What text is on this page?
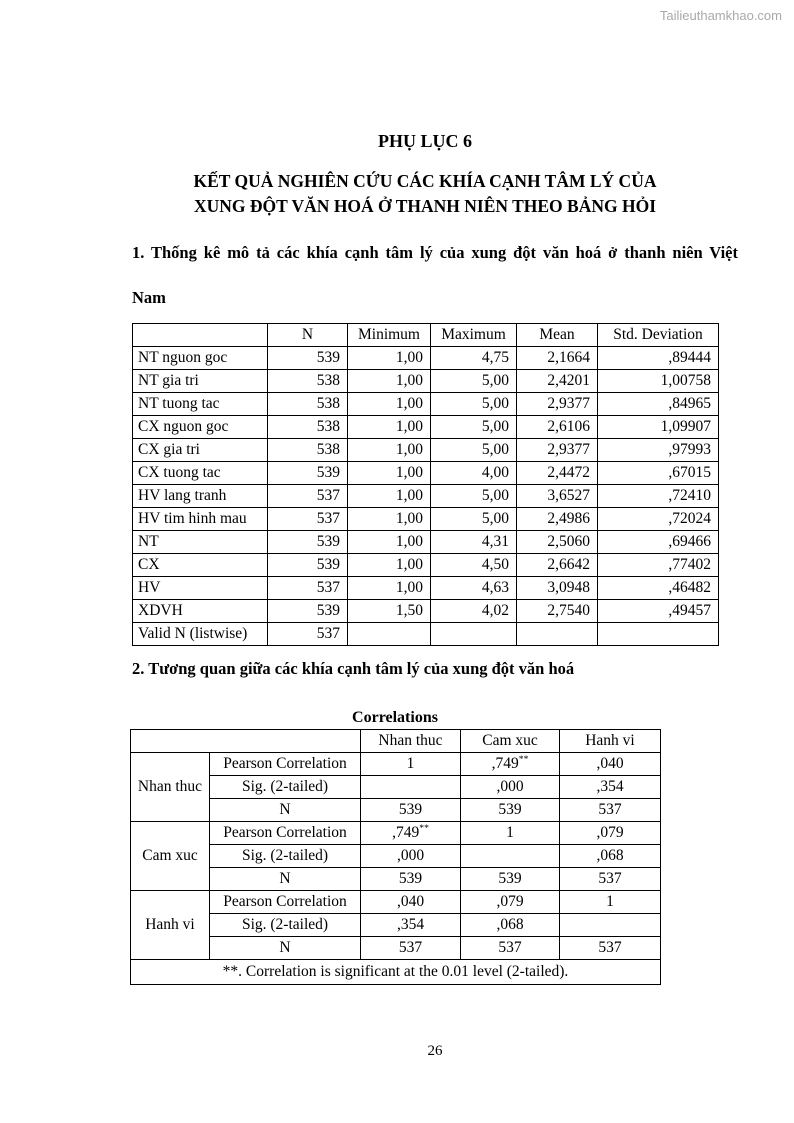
Tailieuthamkhao.com
PHỤ LỤC 6
KẾT QUẢ NGHIÊN CỨU CÁC KHÍA CẠNH TÂM LÝ CỦA
XUNG ĐỘT VĂN HOÁ Ở THANH NIÊN THEO BẢNG HỎI
1. Thống kê mô tả các khía cạnh tâm lý của xung đột văn hoá ở thanh niên Việt
Nam
	N	Minimum	Maximum	Mean	Std. Deviation
NT nguon goc	539	1,00	4,75	2,1664	,89444
NT gia tri	538	1,00	5,00	2,4201	1,00758
NT tuong tac	538	1,00	5,00	2,9377	,84965
CX nguon goc	538	1,00	5,00	2,6106	1,09907
CX gia tri	538	1,00	5,00	2,9377	,97993
CX tuong tac	539	1,00	4,00	2,4472	,67015
HV lang tranh	537	1,00	5,00	3,6527	,72410
HV tim hinh mau	537	1,00	5,00	2,4986	,72024
NT	539	1,00	4,31	2,5060	,69466
CX	539	1,00	4,50	2,6642	,77402
HV	537	1,00	4,63	3,0948	,46482
XDVH	539	1,50	4,02	2,7540	,49457
Valid N (listwise)	537				
2. Tương quan giữa các khía cạnh tâm lý của xung đột văn hoá
Correlations
		Nhan thuc	Cam xuc	Hanh vi
Nhan thuc	Pearson Correlation	1	,749**	,040
	Sig. (2-tailed)		,000	,354
	N	539	539	537
Cam xuc	Pearson Correlation	,749**	1	,079
	Sig. (2-tailed)	,000		,068
	N	539	539	537
Hanh vi	Pearson Correlation	,040	,079	1
	Sig. (2-tailed)	,354	,068	
	N	537	537	537
**. Correlation is significant at the 0.01 level (2-tailed).				
26
